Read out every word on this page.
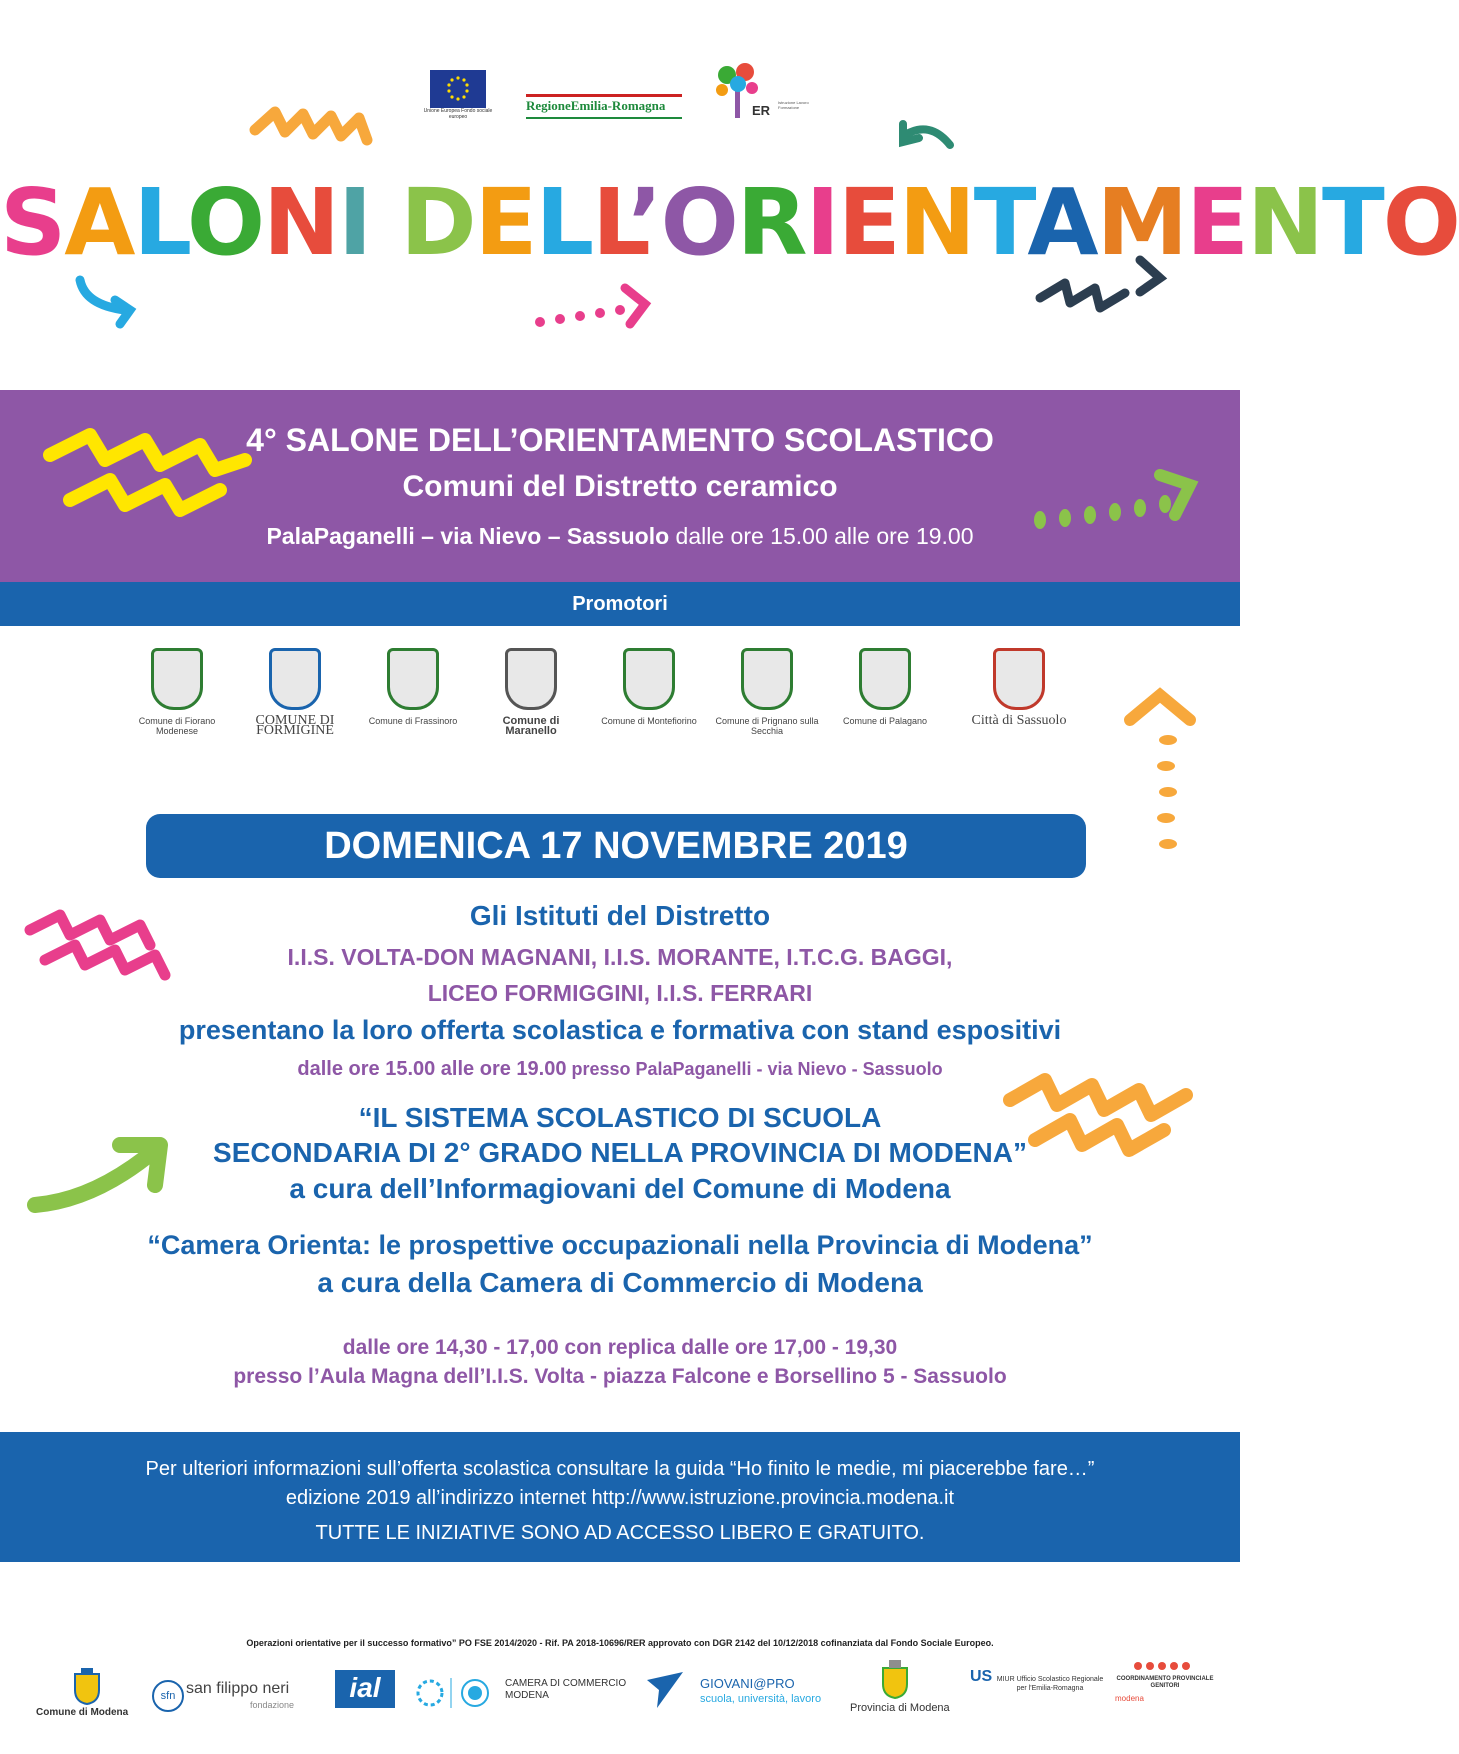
Unione Europea Fondo sociale europeo
RegioneEmilia-Romagna	ER
Istruzione Lavoro Formazione
SALONI DELL’ORIENTAMENTO
4° SALONE DELL’ORIENTAMENTO SCOLASTICO
Comuni del Distretto ceramico
PalaPaganelli – via Nievo – Sassuolo dalle ore 15.00 alle ore 19.00
Promotori
Comune di Fiorano Modenese
COMUNE DI FORMIGINE
Comune di Frassinoro	Comune di Maranello
Comune di Montefiorino	Comune di Prignano sulla Secchia
Comune di Palagano	Città di Sassuolo
DOMENICA 17 NOVEMBRE 2019
Gli Istituti del Distretto
I.I.S. VOLTA-DON MAGNANI, I.I.S. MORANTE, I.T.C.G. BAGGI,
LICEO FORMIGGINI, I.I.S. FERRARI
presentano la loro offerta scolastica e formativa con stand espositivi
dalle ore 15.00 alle ore 19.00 presso PalaPaganelli - via Nievo - Sassuolo
“IL SISTEMA SCOLASTICO DI SCUOLA
SECONDARIA DI 2° GRADO NELLA PROVINCIA DI MODENA”
a cura dell’Informagiovani del Comune di Modena
“Camera Orienta: le prospettive occupazionali nella Provincia di Modena”
a cura della Camera di Commercio di Modena
dalle ore 14,30 - 17,00 con replica dalle ore 17,00 - 19,30
presso l’Aula Magna dell’I.I.S. Volta - piazza Falcone e Borsellino 5 - Sassuolo
Per ulteriori informazioni sull’offerta scolastica consultare la guida “Ho finito le medie, mi piacerebbe fare…”
edizione 2019 all’indirizzo internet http://www.istruzione.provincia.modena.it
TUTTE LE INIZIATIVE SONO AD ACCESSO LIBERO E GRATUITO.
Operazioni orientative per il successo formativo” PO FSE 2014/2020 - Rif. PA 2018-10696/RER approvato con DGR 2142 del 10/12/2018 cofinanziata dal Fondo Sociale Europeo.
Comune di Modena
sfn san filippo neri
fondazione
ial	CAMERA DI COMMERCIO MODENA
GIOVANI@PRO
scuola, università, lavoro
Provincia di Modena
US MIUR Ufficio Scolastico Regionale per l'Emilia-Romagna
COORDINAMENTO PROVINCIALE GENITORI
modena
